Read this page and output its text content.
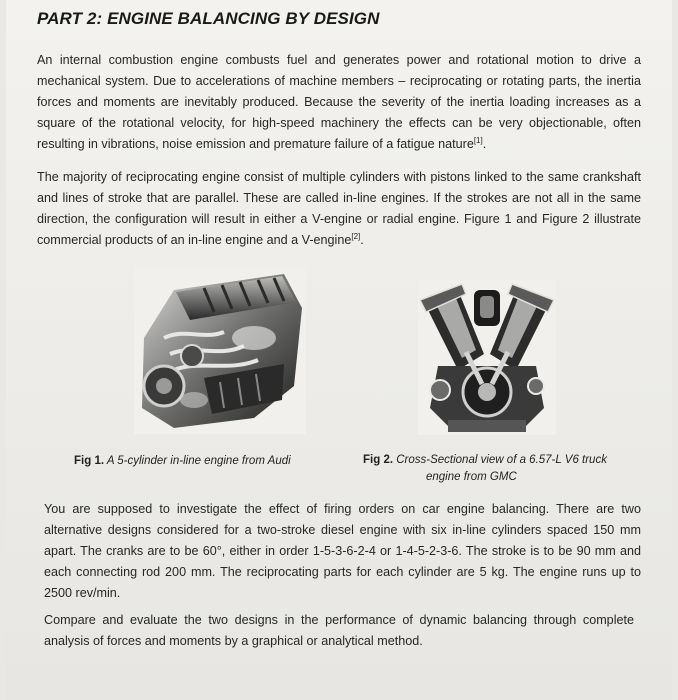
PART 2: ENGINE BALANCING BY DESIGN

An internal combustion engine combusts fuel and generates power and rotational motion to drive a mechanical system. Due to accelerations of machine members – reciprocating or rotating parts, the inertia forces and moments are inevitably produced. Because the severity of the inertia loading increases as a square of the rotational velocity, for high-speed machinery the effects can be very objectionable, often resulting in vibrations, noise emission and premature failure of a fatigue nature[1].

The majority of reciprocating engine consist of multiple cylinders with pistons linked to the same crankshaft and lines of stroke that are parallel. These are called in-line engines. If the strokes are not all in the same direction, the configuration will result in either a V-engine or radial engine. Figure 1 and Figure 2 illustrate commercial products of an in-line engine and a V-engine[2].

Fig 1. A 5-cylinder in-line engine from Audi	Fig 2. Cross-Sectional view of a 6.57-L V6 truck
engine from GMC

You are supposed to investigate the effect of firing orders on car engine balancing. There are two alternative designs considered for a two-stroke diesel engine with six in-line cylinders spaced 150 mm apart. The cranks are to be 60°, either in order 1-5-3-6-2-4 or 1-4-5-2-3-6. The stroke is to be 90 mm and each connecting rod 200 mm. The reciprocating parts for each cylinder are 5 kg. The engine runs up to 2500 rev/min.

Compare and evaluate the two designs in the performance of dynamic balancing through complete analysis of forces and moments by a graphical or analytical method.
